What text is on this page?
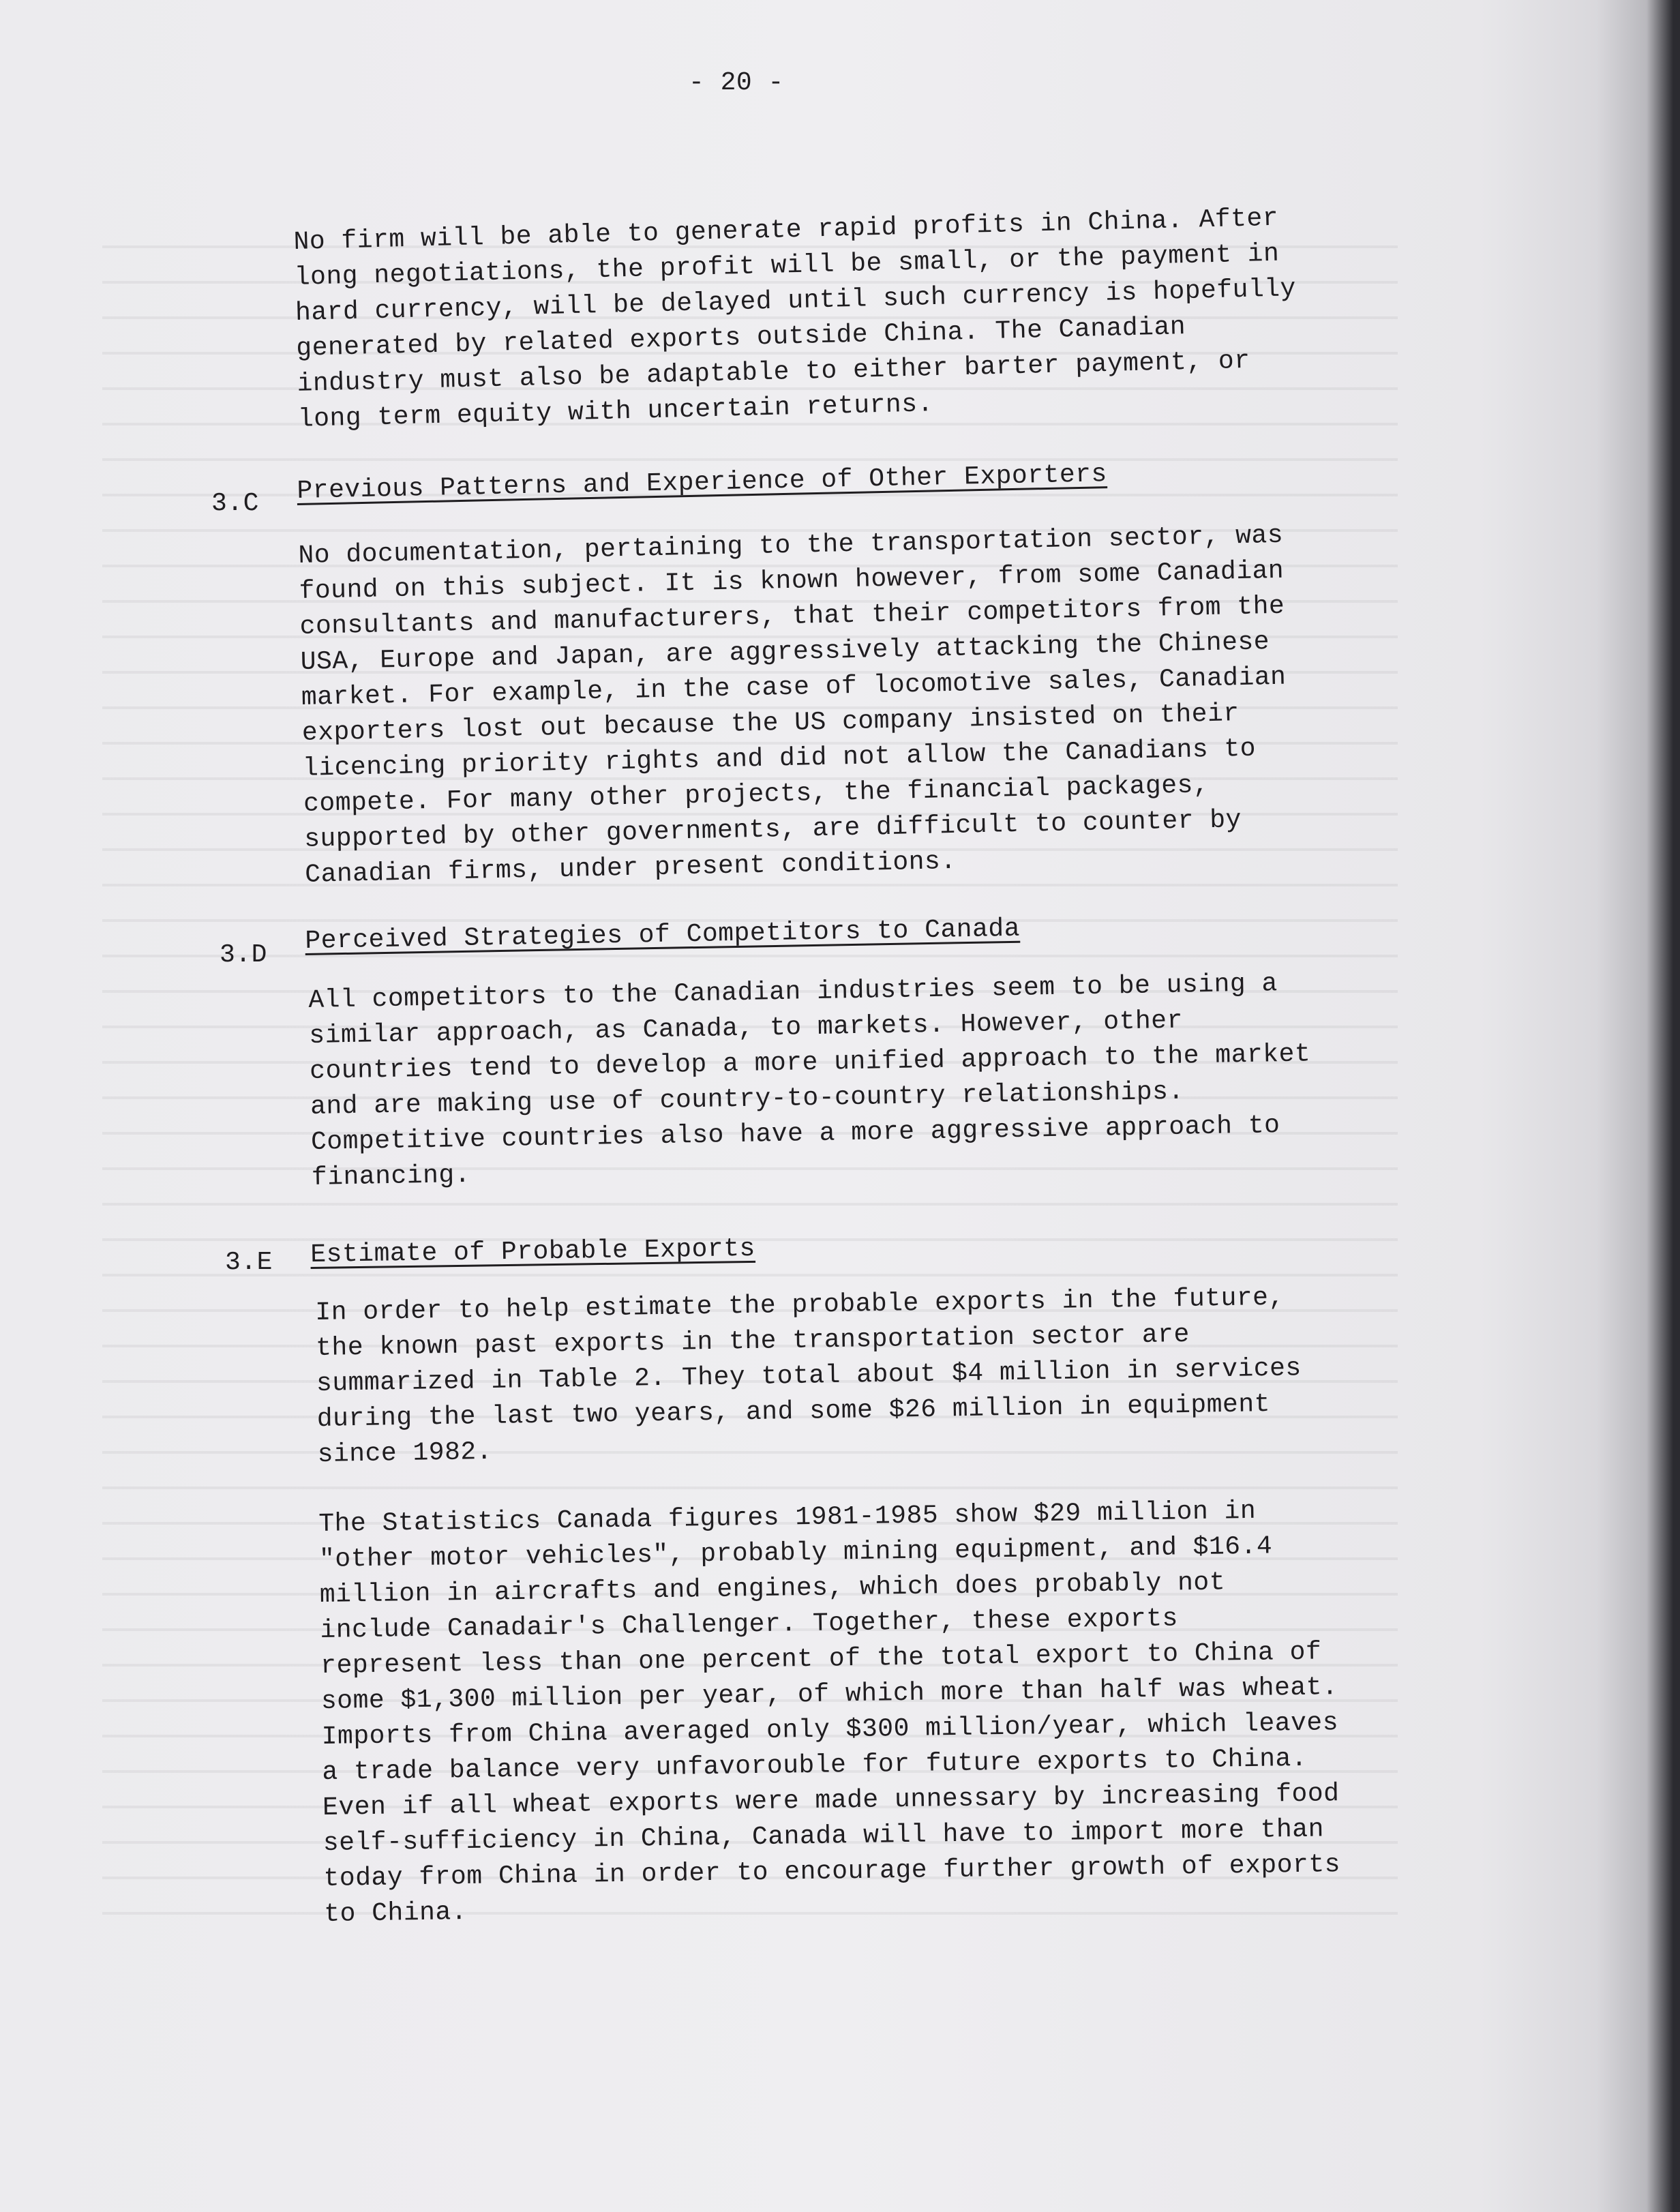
- 20 -

No firm will be able to generate rapid profits in China. After
long negotiations, the profit will be small, or the payment in
hard currency, will be delayed until such currency is hopefully
generated by related exports outside China. The Canadian
industry must also be adaptable to either barter payment, or
long term equity with uncertain returns.

3.C Previous Patterns and Experience of Other Exporters

No documentation, pertaining to the transportation sector, was
found on this subject. It is known however, from some Canadian
consultants and manufacturers, that their competitors from the
USA, Europe and Japan, are aggressively attacking the Chinese
market. For example, in the case of locomotive sales, Canadian
exporters lost out because the US company insisted on their
licencing priority rights and did not allow the Canadians to
compete. For many other projects, the financial packages,
supported by other governments, are difficult to counter by
Canadian firms, under present conditions.

3.D Perceived Strategies of Competitors to Canada

All competitors to the Canadian industries seem to be using a
similar approach, as Canada, to markets. However, other
countries tend to develop a more unified approach to the market
and are making use of country-to-country relationships.
Competitive countries also have a more aggressive approach to
financing.

3.E Estimate of Probable Exports

In order to help estimate the probable exports in the future,
the known past exports in the transportation sector are
summarized in Table 2. They total about $4 million in services
during the last two years, and some $26 million in equipment
since 1982.

The Statistics Canada figures 1981-1985 show $29 million in
"other motor vehicles", probably mining equipment, and $16.4
million in aircrafts and engines, which does probably not
include Canadair's Challenger. Together, these exports
represent less than one percent of the total export to China of
some $1,300 million per year, of which more than half was wheat.
Imports from China averaged only $300 million/year, which leaves
a trade balance very unfavorouble for future exports to China.
Even if all wheat exports were made unnessary by increasing food
self-sufficiency in China, Canada will have to import more than
today from China in order to encourage further growth of exports
to China.
